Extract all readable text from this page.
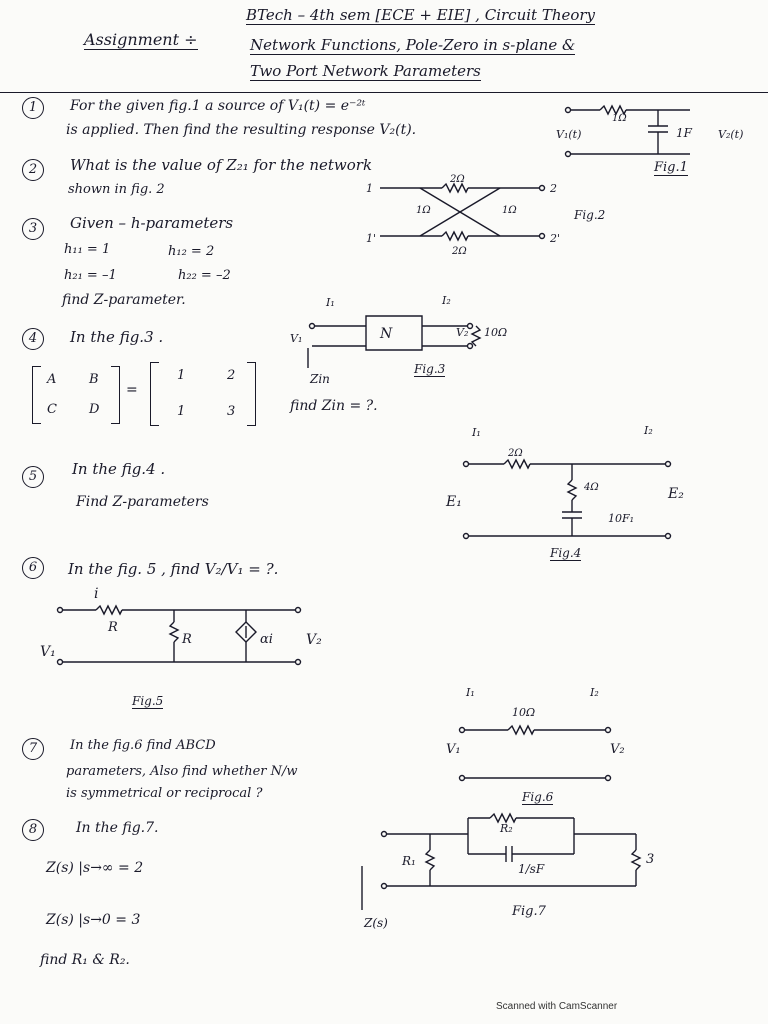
Assignment ÷
BTech – 4th sem [ECE + EIE] , Circuit Theory
Network Functions, Pole-Zero in s-plane &
Two Port Network Parameters
1	For the given fig.1 a source of V₁(t) = e⁻²ᵗ
is applied. Then find the resulting response V₂(t).
1Ω
1F
V₁(t)	V₂(t)
Fig.1
2	What is the value of Z₂₁ for the network
shown in fig. 2
2Ω
1Ω	1Ω
2Ω
1	2
1'	2'
Fig.2
3	Given – h-parameters
h₁₁ = 1	h₁₂ = 2
h₂₁ = –1	h₂₂ = –2
find Z-parameter.
4	In the fig.3 .
A	B
C D
=
1	2
1	3	find Zin = ?.
N
I₁	I₂
V₁	V₂ 10Ω
Zin
Fig.3
5	In the fig.4 .
Find Z-parameters
I₁	I₂
2Ω
4Ω
10F₁
E₁	E₂
Fig.4
6	In the fig. 5 , find V₂/V₁ = ?.
i
R
R	αi
V₁
V₂
Fig.5
7	In the fig.6 find ABCD
parameters, Also find whether N/w
is symmetrical or reciprocal ?
I₁	I₂
10Ω
V₁	V₂
Fig.6
8	In the fig.7.
Z(s) |s→∞ = 2
Z(s) |s→0 = 3
find R₁ & R₂.
R₁
R₂
1/sF
3
Z(s)
Fig.7
Scanned with CamScanner
